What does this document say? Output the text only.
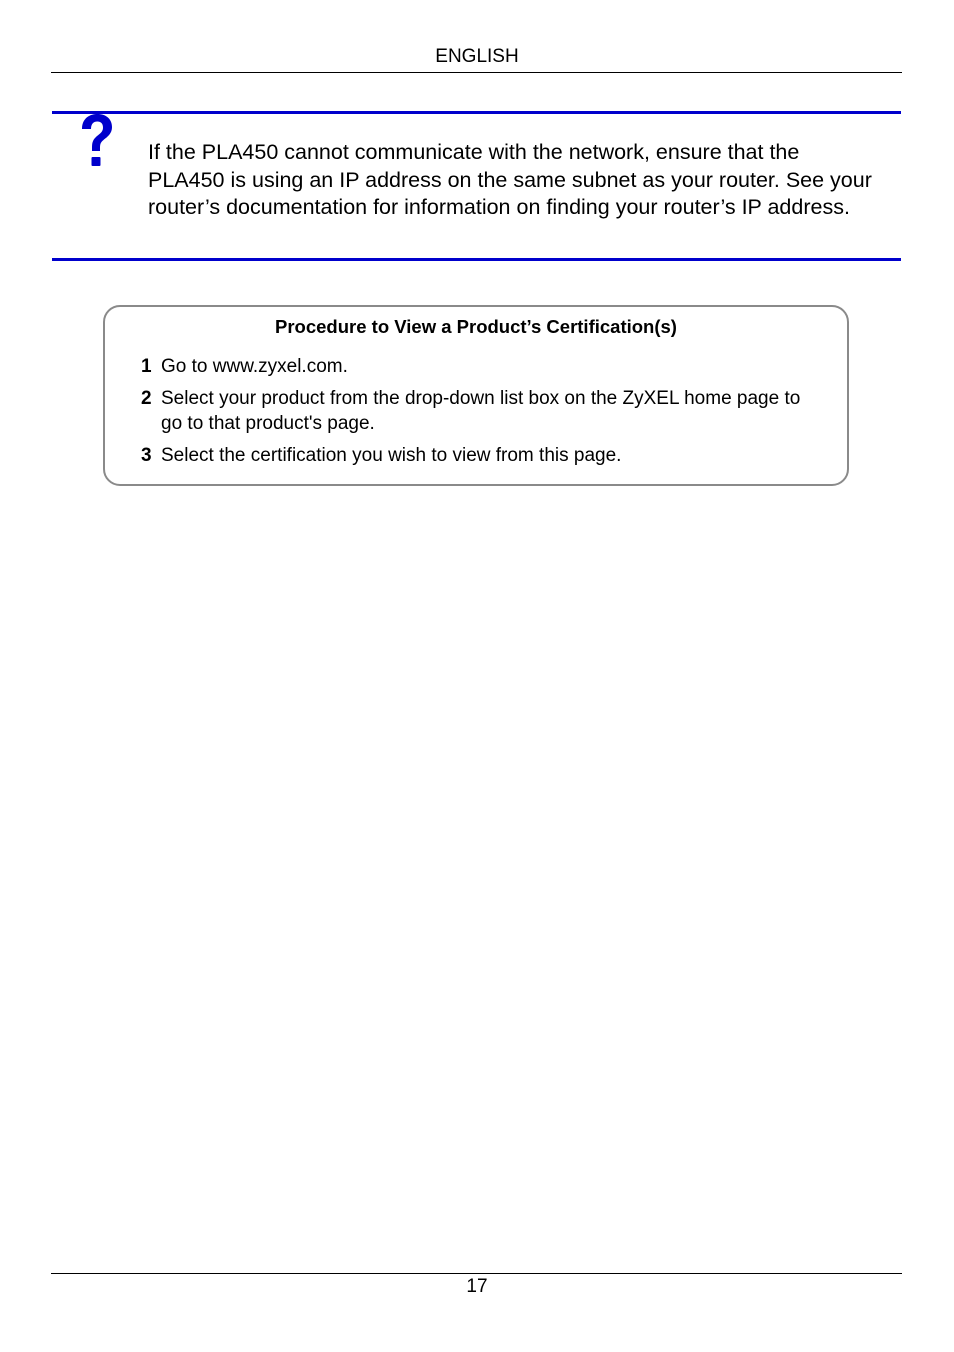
ENGLISH
If the PLA450 cannot communicate with the network, ensure that the PLA450 is using an IP address on the same subnet as your router. See your router’s documentation for information on finding your router’s IP address.
Procedure to View a Product’s Certification(s)
1 Go to www.zyxel.com.
2 Select your product from the drop-down list box on the ZyXEL home page to go to that product's page.
3 Select the certification you wish to view from this page.
17
